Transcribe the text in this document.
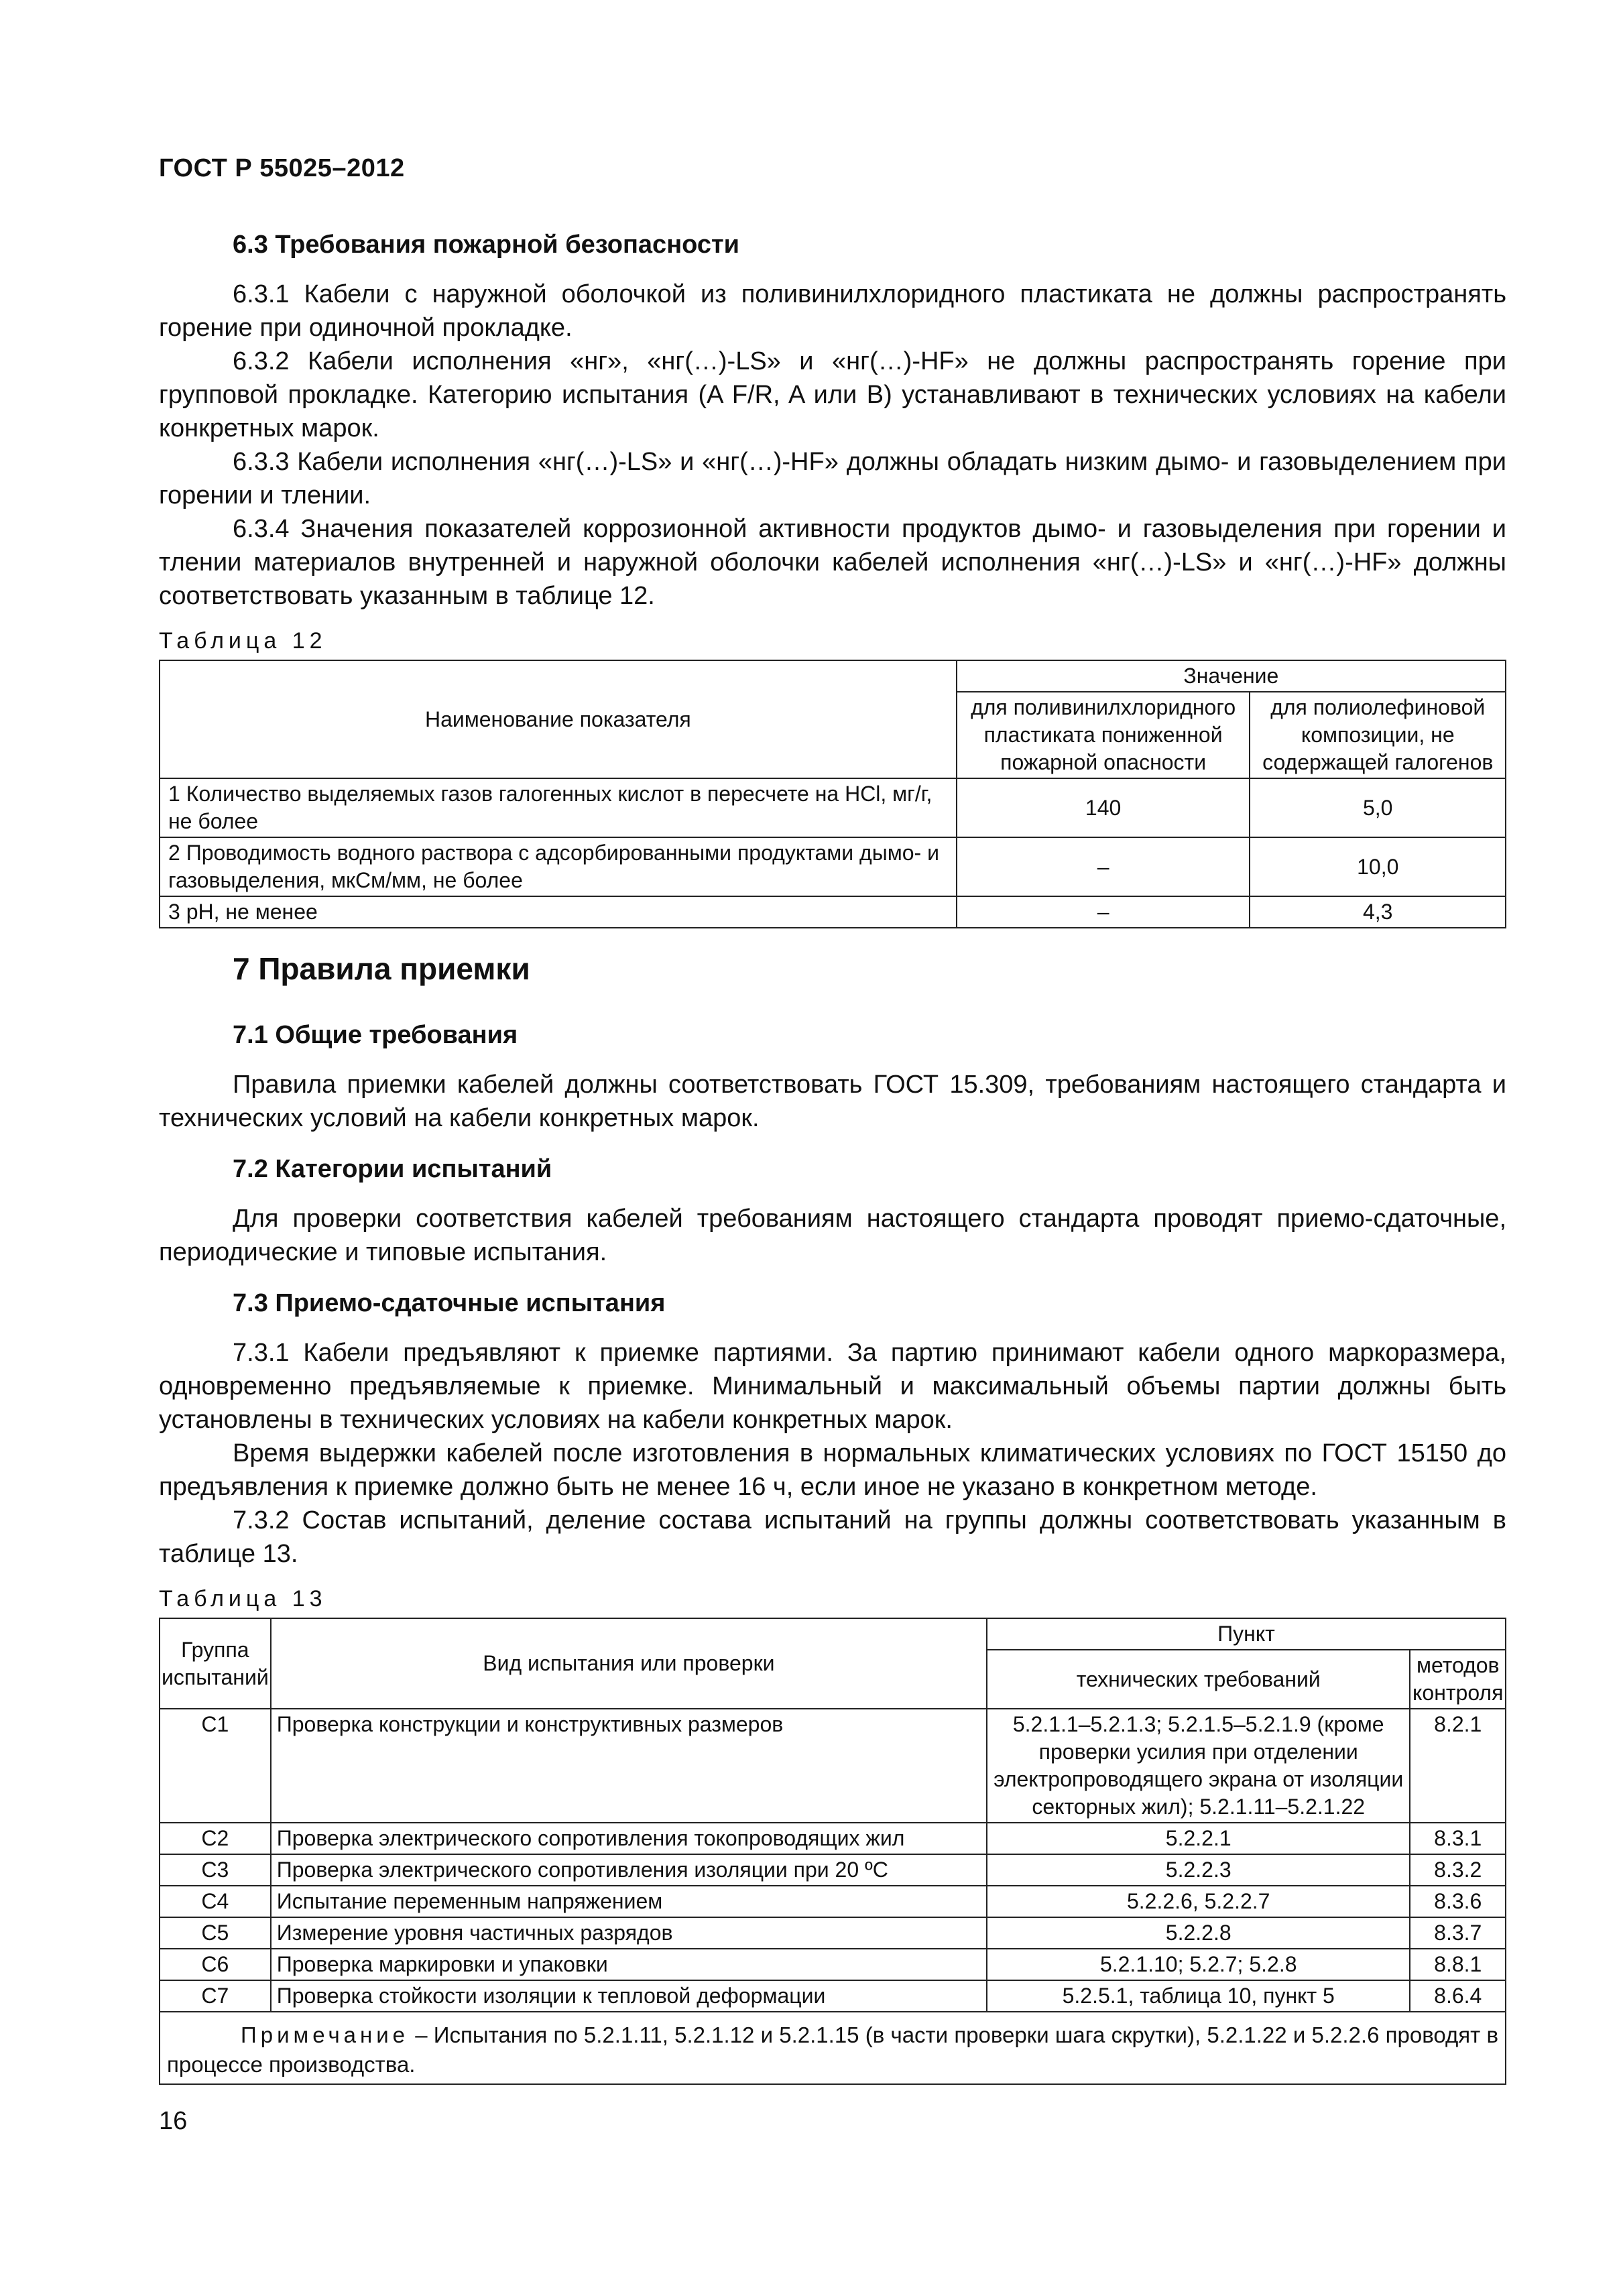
ГОСТ Р 55025–2012
6.3 Требования пожарной безопасности

6.3.1 Кабели с наружной оболочкой из поливинилхлоридного пластиката не должны распространять горение при одиночной прокладке.

6.3.2 Кабели исполнения «нг», «нг(…)-LS» и «нг(…)-HF» не должны распространять горение при групповой прокладке. Категорию испытания (A F/R, A или B) устанавливают в технических условиях на кабели конкретных марок.

6.3.3 Кабели исполнения «нг(…)-LS» и «нг(…)-HF» должны обладать низким дымо- и газовыделением при горении и тлении.

6.3.4 Значения показателей коррозионной активности продуктов дымо- и газовыделения при горении и тлении материалов внутренней и наружной оболочки кабелей исполнения «нг(…)-LS» и «нг(…)-HF» должны соответствовать указанным в таблице 12.

Таблица 12
Наименование показателя	Значение	
	для поливинилхлоридного пластиката пониженной пожарной опасности	для полиолефиновой композиции, не содержащей галогенов
1 Количество выделяемых газов галогенных кислот в пересчете на HCl, мг/г, не более	140	5,0
2 Проводимость водного раствора с адсорбированными продуктами дымо- и газовыделения, мкСм/мм, не более	–	10,0
3 pH, не менее	–	4,3
7 Правила приемки
7.1 Общие требования

Правила приемки кабелей должны соответствовать ГОСТ 15.309, требованиям настоящего стандарта и технических условий на кабели конкретных марок.

7.2 Категории испытаний

Для проверки соответствия кабелей требованиям настоящего стандарта проводят приемо-сдаточные, периодические и типовые испытания.

7.3 Приемо-сдаточные испытания

7.3.1 Кабели предъявляют к приемке партиями. За партию принимают кабели одного маркоразмера, одновременно предъявляемые к приемке. Минимальный и максимальный объемы партии должны быть установлены в технических условиях на кабели конкретных марок.

Время выдержки кабелей после изготовления в нормальных климатических условиях по ГОСТ 15150 до предъявления к приемке должно быть не менее 16 ч, если иное не указано в конкретном методе.

7.3.2 Состав испытаний, деление состава испытаний на группы должны соответствовать указанным в таблице 13.

Таблица 13
Группа испытаний	Вид испытания или проверки	Пункт	
		технических требований	методов контроля
С1	Проверка конструкции и конструктивных размеров	5.2.1.1–5.2.1.3; 5.2.1.5–5.2.1.9 (кроме проверки усилия при отделении электропроводящего экрана от изоляции секторных жил); 5.2.1.11–5.2.1.22	8.2.1
С2	Проверка электрического сопротивления токопроводящих жил	5.2.2.1	8.3.1
С3	Проверка электрического сопротивления изоляции при 20 ºС	5.2.2.3	8.3.2
С4	Испытание переменным напряжением	5.2.2.6, 5.2.2.7	8.3.6
С5	Измерение уровня частичных разрядов	5.2.2.8	8.3.7
С6	Проверка маркировки и упаковки	5.2.1.10; 5.2.7; 5.2.8	8.8.1
С7	Проверка стойкости изоляции к тепловой деформации	5.2.5.1, таблица 10, пункт 5	8.6.4
Примечание – Испытания по 5.2.1.11, 5.2.1.12 и 5.2.1.15 (в части проверки шага скрутки), 5.2.1.22 и 5.2.2.6 проводят в процессе производства.			
16
